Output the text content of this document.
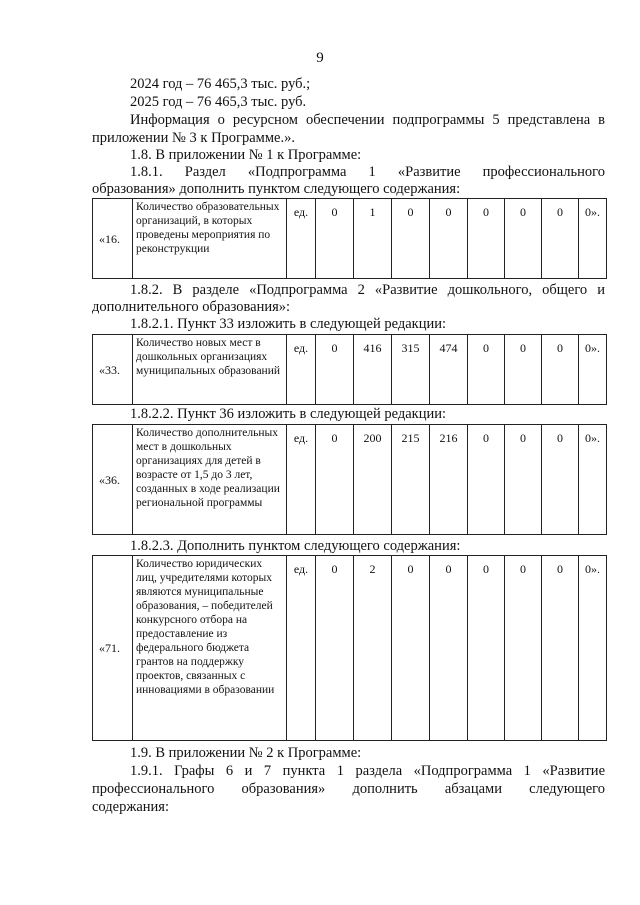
9
2024 год – 76 465,3 тыс. руб.;
2025 год – 76 465,3 тыс. руб.
Информация о ресурсном обеспечении подпрограммы 5 представлена в
приложении № 3 к Программе.».
1.8. В приложении № 1 к Программе:
1.8.1. Раздел «Подпрограмма 1 «Развитие профессионального
образования» дополнить пунктом следующего содержания:
«16.	Количество образовательных организаций, в которых проведены мероприятия по реконструкции	ед.	0	1	0	0	0	0	0	0».
1.8.2. В разделе «Подпрограмма 2 «Развитие дошкольного, общего и
дополнительного образования»:
1.8.2.1. Пункт 33 изложить в следующей редакции:
«33.	Количество новых мест в дошкольных организациях муниципальных образований	ед.	0	416	315	474	0	0	0	0».
1.8.2.2. Пункт 36 изложить в следующей редакции:
«36.	Количество дополнительных мест в дошкольных организациях для детей в возрасте от 1,5 до 3 лет, созданных в ходе реализации региональной программы	ед.	0	200	215	216	0	0	0	0».
1.8.2.3. Дополнить пунктом следующего содержания:
«71.	Количество юридических лиц, учредителями которых являются муниципальные образования, – победителей конкурсного отбора на предоставление из федерального бюджета грантов на поддержку проектов, связанных с инновациями в образовании	ед.	0	2	0	0	0	0	0	0».
1.9. В приложении № 2 к Программе:
1.9.1. Графы 6 и 7 пункта 1 раздела «Подпрограмма 1 «Развитие
профессионального образования» дополнить абзацами следующего
содержания:
